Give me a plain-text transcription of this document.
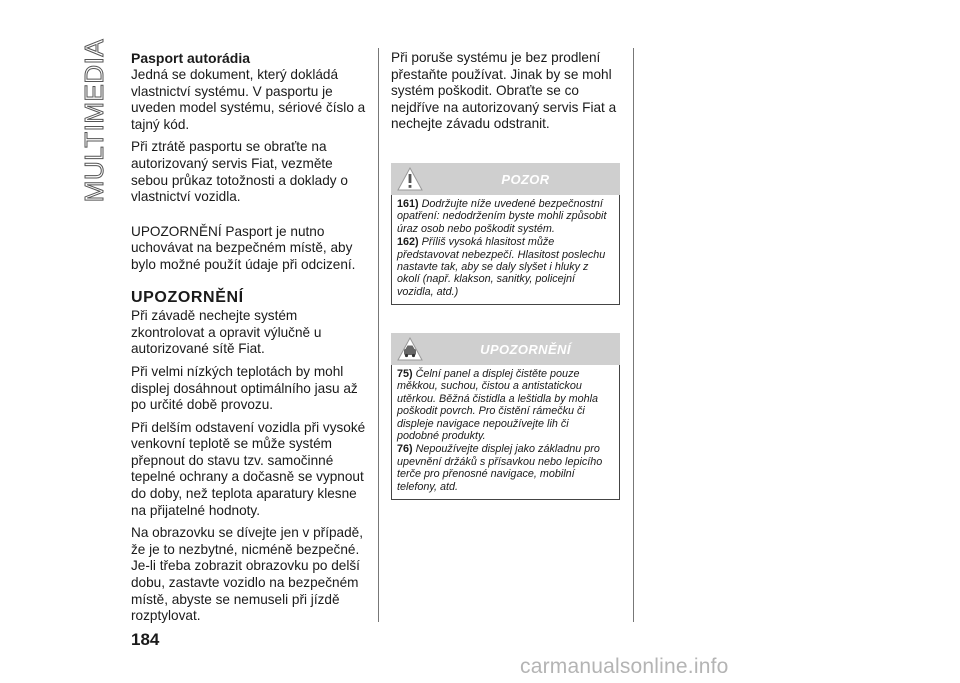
MULTIMEDIA Pasport autorádia

Jedná se dokument, který dokládá vlastnictví systému. V pasportu je uveden model systému, sériové číslo a tajný kód.

Při ztrátě pasportu se obraťte na autorizovaný servis Fiat, vezměte sebou průkaz totožnosti a doklady o vlastnictví vozidla.

UPOZORNĚNÍ Pasport je nutno uchovávat na bezpečném místě, aby bylo možné použít údaje při odcizení.

UPOZORNĚNÍ

Při závadě nechejte systém zkontrolovat a opravit výlučně u autorizované sítě Fiat.

Při velmi nízkých teplotách by mohl displej dosáhnout optimálního jasu až po určité době provozu.

Při delším odstavení vozidla při vysoké venkovní teplotě se může systém přepnout do stavu tzv. samočinné tepelné ochrany a dočasně se vypnout do doby, než teplota aparatury klesne na přijatelné hodnoty.

Na obrazovku se dívejte jen v případě, že je to nezbytné, nicméně bezpečné. Je-li třeba zobrazit obrazovku po delší dobu, zastavte vozidlo na bezpečném místě, abyste se nemuseli při jízdě rozptylovat.

Při poruše systému je bez prodlení přestaňte používat. Jinak by se mohl systém poškodit. Obraťte se co nejdříve na autorizovaný servis Fiat a nechejte závadu odstranit.

POZOR

161) Dodržujte níže uvedené bezpečnostní opatření: nedodržením byste mohli způsobit úraz osob nebo poškodit systém.

162) Příliš vysoká hlasitost může představovat nebezpečí. Hlasitost poslechu nastavte tak, aby se daly slyšet i hluky z okolí (např. klakson, sanitky, policejní vozidla, atd.)

UPOZORNĚNÍ

75) Čelní panel a displej čistěte pouze měkkou, suchou, čistou a antistatickou utěrkou. Běžná čistidla a leštidla by mohla poškodit povrch. Pro čistění rámečku či displeje navigace nepoužívejte lih či podobné produkty.

76) Nepoužívejte displej jako základnu pro upevnění držáků s přísavkou nebo lepicího terče pro přenosné navigace, mobilní telefony, atd.

184
carmanualsonline.info
